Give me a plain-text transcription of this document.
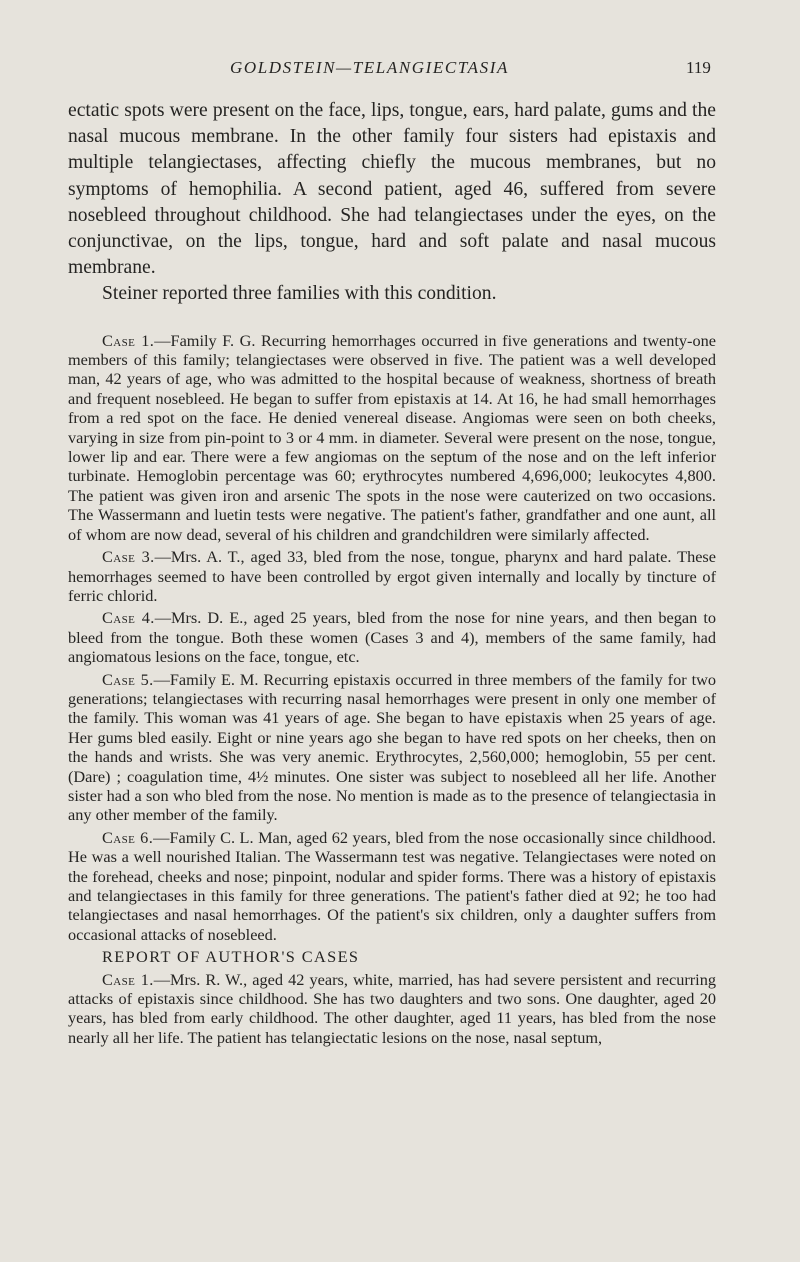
GOLDSTEIN—TELANGIECTASIA	119

ectatic spots were present on the face, lips, tongue, ears, hard palate, gums and the nasal mucous membrane. In the other family four sisters had epistaxis and multiple telangiectases, affecting chiefly the mucous membranes, but no symptoms of hemophilia. A second patient, aged 46, suffered from severe nosebleed throughout childhood. She had telangiectases under the eyes, on the conjunctivae, on the lips, tongue, hard and soft palate and nasal mucous membrane.

Steiner reported three families with this condition.

Case 1.—Family F. G. Recurring hemorrhages occurred in five generations and twenty-one members of this family; telangiectases were observed in five. The patient was a well developed man, 42 years of age, who was admitted to the hospital because of weakness, shortness of breath and frequent nosebleed. He began to suffer from epistaxis at 14. At 16, he had small hemorrhages from a red spot on the face. He denied venereal disease. Angiomas were seen on both cheeks, varying in size from pin-point to 3 or 4 mm. in diameter. Several were present on the nose, tongue, lower lip and ear. There were a few angiomas on the septum of the nose and on the left inferior turbinate. Hemoglobin percentage was 60; erythrocytes numbered 4,696,000; leukocytes 4,800. The patient was given iron and arsenic The spots in the nose were cauterized on two occasions. The Wassermann and luetin tests were negative. The patient's father, grandfather and one aunt, all of whom are now dead, several of his children and grandchildren were similarly affected.

Case 3.—Mrs. A. T., aged 33, bled from the nose, tongue, pharynx and hard palate. These hemorrhages seemed to have been controlled by ergot given internally and locally by tincture of ferric chlorid.

Case 4.—Mrs. D. E., aged 25 years, bled from the nose for nine years, and then began to bleed from the tongue. Both these women (Cases 3 and 4), members of the same family, had angiomatous lesions on the face, tongue, etc.

Case 5.—Family E. M. Recurring epistaxis occurred in three members of the family for two generations; telangiectases with recurring nasal hemorrhages were present in only one member of the family. This woman was 41 years of age. She began to have epistaxis when 25 years of age. Her gums bled easily. Eight or nine years ago she began to have red spots on her cheeks, then on the hands and wrists. She was very anemic. Erythrocytes, 2,560,000; hemoglobin, 55 per cent. (Dare) ; coagulation time, 4½ minutes. One sister was subject to nosebleed all her life. Another sister had a son who bled from the nose. No mention is made as to the presence of telangiectasia in any other member of the family.

Case 6.—Family C. L. Man, aged 62 years, bled from the nose occasionally since childhood. He was a well nourished Italian. The Wassermann test was negative. Telangiectases were noted on the forehead, cheeks and nose; pinpoint, nodular and spider forms. There was a history of epistaxis and telangiectases in this family for three generations. The patient's father died at 92; he too had telangiectases and nasal hemorrhages. Of the patient's six children, only a daughter suffers from occasional attacks of nosebleed.

REPORT OF AUTHOR'S CASES

Case 1.—Mrs. R. W., aged 42 years, white, married, has had severe persistent and recurring attacks of epistaxis since childhood. She has two daughters and two sons. One daughter, aged 20 years, has bled from early childhood. The other daughter, aged 11 years, has bled from the nose nearly all her life. The patient has telangiectatic lesions on the nose, nasal septum,
